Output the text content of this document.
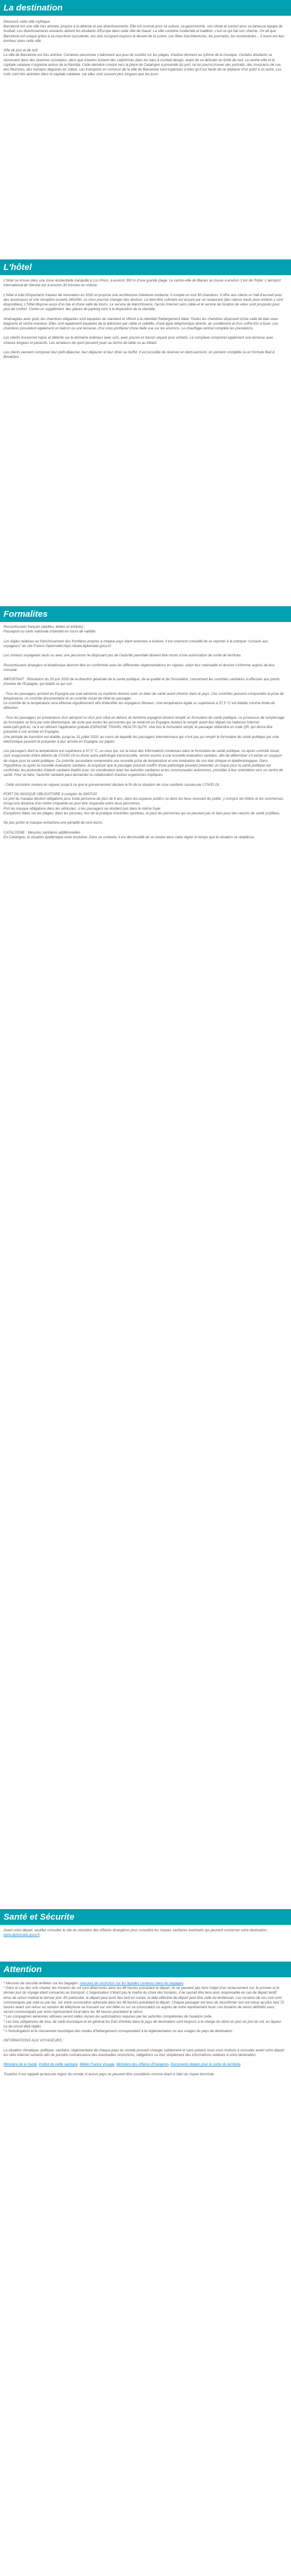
La destination

Découvrir cette ville mythique
Barcelone est une ville très animée, propice à la détente et aux divertissements. Elle est connue pour sa culture, sa gastronomie, son climat et surtout pour sa fameuse équipe de football. Les divertissements existants attirent les étudiants d'Europe dans cette ville de Gaudí. La ville combine modernité et tradition, c'est ce qui fait son charme. On dit que Barcelone est unique grâce à sa nourriture succulente, ses arts occupant toujours le devant de la scène. Les fêtes d'architectures, les journants, les noctambules... il ouvre est leur bonheur dans cette ville.

Ville de jour et de nuit
La ville de Barcelone est très animée. Certaines personnes s'adonnent aux jeux de société sur les plages, d'autres donnent au rythme de la musique. Certains étudiants se réunissent dans des tavernes occulaires, alors que d'autres boivent des caïpirinhas dans les bars à cocktail design, avant de se défouler en boîte de nuit. Le centre-ville et la capitale catalane s'organise autour de la Rambla. Cette dernière conduit vers la place de Catalogne à proximité du port, où on pourra trouver des portraits, des musiciens de rue, des fleuristes, des humains déguisés en statue. Les transports en commun de la ville de Barcelone sont organisés si bien qu'il est facile de se déplacer d'un point à un autre. Les nuits sont très animées dans la capitale catalane, car elles sont souvent plus longues que les jours.

L'hôtel

L'hôtel se trouve dans une zone résidentielle tranquille à Los Pinos, à environ 300 m d'une grande plage. Le centre-ville de Blanes se trouve à environ 1 km de l'hôtel. L'aéroport international de Gérone est à environ 30 minutes en voiture.

L'hôtel a subi d'importants travaux de rénovation en 2002 et propose une architecture intérieure moderne. Il compte en tout 90 chambres. Il offre aux clients un hall d'accueil avec des ascenseurs et une réception ouverte 24h/24h, où vous pourrez changer des devises. Le bien-être culinaire est assuré par un restaurant (des rations hauts pour enfants y sont disponibles). L'hôtel dispose aussi d'un bar et d'une salle de loisirs. Le service de blanchisserie, l'accès Internet sans câble et le service de location de vélos sont proposés pour plus de confort. Contre un supplément, des places de parking sont à la disposition de la clientèle.

Aménagées avec goût, les chambres élégantes sont équipées du standard et offrent à la clientèle l'hébergement idéal. Toutes les chambres disposent d'une salle de bain avec baignoire et sèche-cheveux. Elles sont également équipées de la télévision par câble et satellite, d'une ligne téléphonique directe, air conditionné et d'un coffre-fort à louer. Les chambres possèdent également un balcon ou une terrasse, d'où vous profiterez d'une belle vue sur les environs. Le chauffage central complète les prestations.

Les clients trouveront repos et détente sur le domaine extérieur avec sols, avec piscine et bassin séparé pour enfants. Le complexe comprend également une terrasse avec chaises longues et parasols. Les amateurs de sport peuvent jouer au tennis de table ou au billard.

Les clients peuvent composer leur petit-déjeuner, leur déjeuner et leur dîner au buffet. Il est possible de réserver en demi-pension, en pension complète ou en formule Bed & Breakfast.

Formalites

Ressortissants français (adultes, bébés et enfants) :
Passeport ou carte nationale d'identité en cours de validité.

Les règles relatives au franchissement des frontières propres à chaque pays étant amenées à évoluer, il est vivement conseillé de se reporter à la rubrique "conseils aux voyageurs" du site France Diplomatie,https://www.diplomatie.gouv.fr/

Les mineurs voyageant seuls ou avec une personne ne disposant pas de l'autorité parentale doivent être munis d'une autorisation de sortie de territoire.

Ressortissants étrangers et binationaux devront être en conformité avec les différentes réglementations en vigueur, selon leur nationalité et devront s'informer auprès de leur consulat.

IMPORTANT : Résolution du 29 juin 2020 de la direction générale de la santé publique, de la qualité et de l'innovation, concernant les contrôles sanitaires à effectuer aux points d'entrée de l'Espagne, qui établit ce qui suit :

- Tous les passagers arrivant en Espagne par voie aérienne ou maritime doivent subir un bilan de santé avant d'entrer dans le pays. Ces contrôles peuvent comprendre la prise de température, un contrôle documentaire et un contrôle visuel de l'état du passager.
Le contrôle de la température sera effectué régulièrement afin d'identifier les voyageurs fiévreux. Une température égale ou supérieure à 37,5 °C est établie comme limite de détection.

- Tous les passagers en provenance d'un aéroport ou d'un port situé en dehors du territoire espagnol doivent remplir un formulaire de santé publique. Le processus de remplissage du formulaire se fera par voie électronique, de sorte que toutes les personnes qui se rendront en Espagne doivent le remplir avant leur départ via l'adresse Internet www.spth.gob.es, ou à un utilisant l'application gratuite ESPAGNE TRAVEL HEALTH-SpTH. Une fois le formulaire rempli, le passager obtiendra un code QR, qui devra être présenté à son arrivée en Espagne.
Une période de transition est établie, jusqu'au 31 juillet 2020, au cours de laquelle les passagers internationaux qui n'ont pas pu remplir le formulaire de santé publique par voie électronique peuvent le présenter à leur arrivée en Espagne sur papier.

Les passagers dont la température est supérieure à 37,5 °C, ou ceux qui, sur la base des informations contenues dans le formulaire de santé publique, ou après contrôle visuel, sont soupçonnés d'être atteints de COVID-19 ou d'une autre pathologie transmissible, seront soumis à une nouvelle évaluation sanitaire, afin de déterminer s'il existe un soupçon de risque pour la santé publique. Ce contrôle secondaire comprendra une nouvelle prise de température et une évaluation de son état clinique et épidémiologique. Dans l'hypothèse où après la nouvelle évaluation sanitaire, la suspicion que le passager pourrait souffrir d'une pathologie pouvant présenter un risque pour la santé publique est confirmée, les protocoles d'alerte sanitaire établis pour, en coordination avec les autorités sanitaires et les communautés autonomes, procéder à leur orientation vers un centre de santé. Pour ce faire, l'autorité sanitaire peut demander la collaboration d'autres organismes impliqués.

- Cette résolution restera en vigueur jusqu'à ce que le gouvernement déclare la fin de la situation de crise sanitaire causée par COVID-19.

PORT DU MASQUE OBLIGATOIRE à compter du 09/07/20
Le port du masque devient obligatoire pour toute personne de plus de 6 ans, dans les espaces publics ou dans les lieux recevant du public, y compris les hôtels et les commerces, lorsqu'une distance d'un mètre cinquante ne peut être respectée entre deux personnes.
Port du masque obligatoire dans les véhicules, si les passagers ne résident pas dans le même foyer.
Exceptions faites sur les plages, dans les piscines, lors de la pratique d'activités sportives, et pour les personnes qui ne peuvent pas le faire pour des raisons de santé justifiées.

Ne pas porter le masque entraînera une pénalité de cent euros.

CATALOGNE : Mesures sanitaires additionnelles
En Catalogne, la situation épidémique reste évolutive. Dans ce contexte, il est déconseillé de se rendre dans cette région le temps que la situation se rétablisse.

Santé et Sécurite

Avant votre départ, veuillez consulter le site du ministère des Affaires étrangères pour connaître les risques sanitaires éventuels qui peuvent concerner votre destination : www.diplomatie.gouv.fr.

Attention

* Mesures de sécurité arrêtées sur les bagages: mesures de restriction sur les liquides contenus dans les bagages.

* Dans le cas des vols charter, les horaires de vol sont déterminés dans les 48 heures précédant le départ. Ils ne peuvent pas faire l'objet d'un reclassement nul, le premier et le dernier jour du voyage étant consacrés au transport. L'organisateur n'étant pas le maître du choix des horaires, il ne saurait être tenu pour responsable en cas de départ tardif et/ou de retour matinal le dernier jour. En particulier, le départ peut avoir lieu tard en soirée, la date effective de départ peut être celle du lendemain. Les horaires de vos vols sont communiqués par mail ou par fax, sur votre convocation adressée dans les 48 heures précédant le départ. Chaque passager est tenu de reconfirmer son vol retour au plus tard 72 heures avant son retour au numéro de téléphone se trouvant sur son billet ou sur sa convocation ou auprès de notre représentant local. Les horaires de retour définitifs vous seront communiqués par notre représentant local dans les 48 heures précédant le retour.

* Les compagnies aériennes utilisées seront celles reçues les autorisations requises par les autorités compétentes de l'aviation civile.

* Les frais obligatoires de visa, de carte touristique et en général les frais d'entrée dans le pays de destination sont toujours à la charge du client en plus du prix du vol, en liqueur ou du circuit déjà réglés.

* L'homologation et le classement touristique des modes d'hébergement correspondent à la réglementation ou aux usages du pays de destination.

INFORMATIONS AUX VOYAGEURS :

La situation climatique, politique, sanitaire, réglementaire de chaque pays du monde pouvant changer subitement et sans préavis nous vous invitons à consulter avant votre départ les sites internet suivants afin de prendre connaissance des éventuelles restrictions, obligations ou tout simplement des informations relatives à votre destination.

Ministère de la Santé, Institut de veille sanitaire, Météo France Voyage, Ministère des Affaires Etrangères, Documents légaux pour la sortie du territoire.

Toutefois il est rappelé qu'aucune région du monde ni aucun pays ne peuvent être considérés comme étant à l'abri du risque terroriste.
